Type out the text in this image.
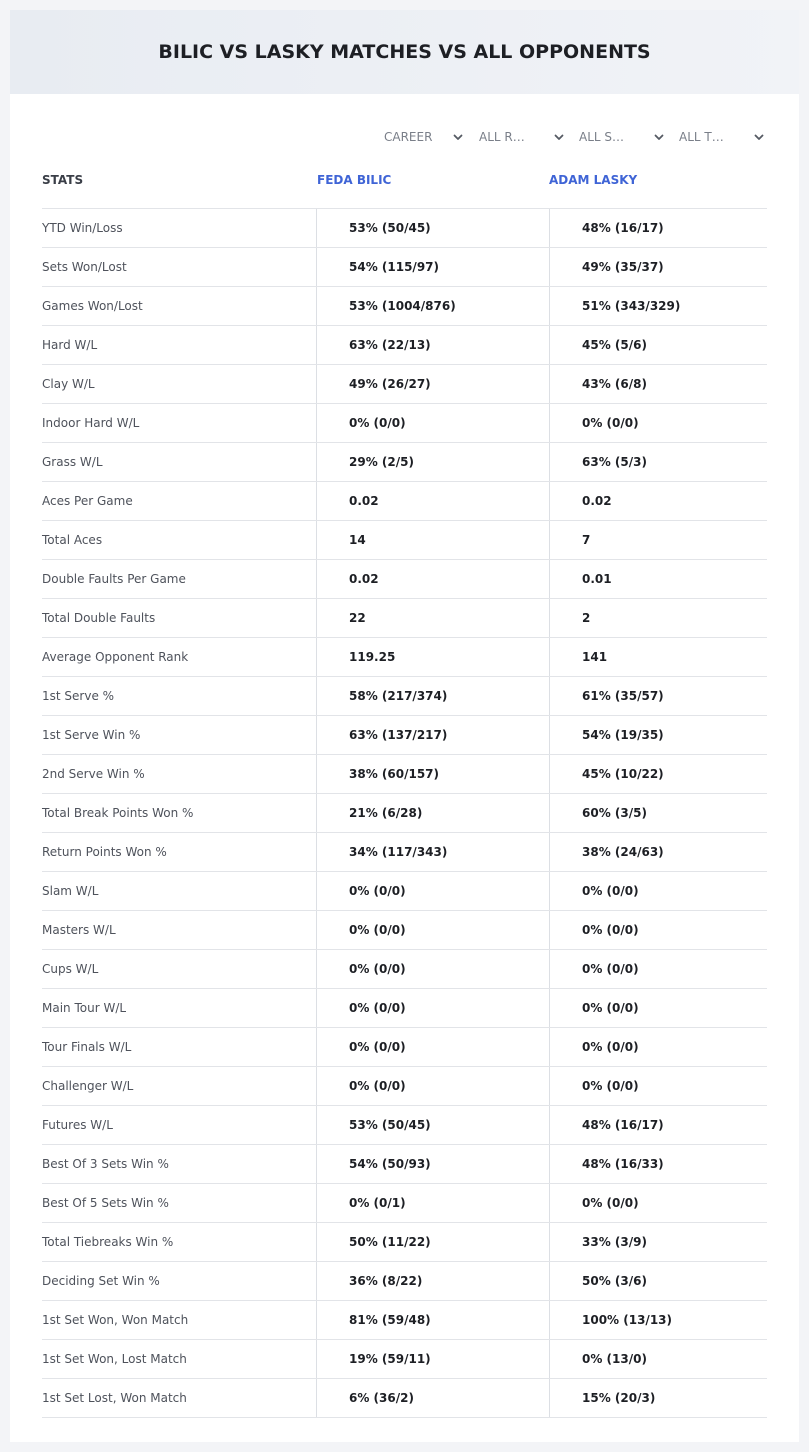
BILIC VS LASKY MATCHES VS ALL OPPONENTS
CAREER	ALL R…	ALL S…	ALL T…
STATS	FEDA BILIC	ADAM LASKY
YTD Win/Loss	53% (50/45)	48% (16/17)
Sets Won/Lost	54% (115/97)	49% (35/37)
Games Won/Lost	53% (1004/876)	51% (343/329)
Hard W/L	63% (22/13)	45% (5/6)
Clay W/L	49% (26/27)	43% (6/8)
Indoor Hard W/L	0% (0/0)	0% (0/0)
Grass W/L	29% (2/5)	63% (5/3)
Aces Per Game	0.02	0.02
Total Aces	14	7
Double Faults Per Game	0.02	0.01
Total Double Faults	22	2
Average Opponent Rank	119.25	141
1st Serve %	58% (217/374)	61% (35/57)
1st Serve Win %	63% (137/217)	54% (19/35)
2nd Serve Win %	38% (60/157)	45% (10/22)
Total Break Points Won %	21% (6/28)	60% (3/5)
Return Points Won %	34% (117/343)	38% (24/63)
Slam W/L	0% (0/0)	0% (0/0)
Masters W/L	0% (0/0)	0% (0/0)
Cups W/L	0% (0/0)	0% (0/0)
Main Tour W/L	0% (0/0)	0% (0/0)
Tour Finals W/L	0% (0/0)	0% (0/0)
Challenger W/L	0% (0/0)	0% (0/0)
Futures W/L	53% (50/45)	48% (16/17)
Best Of 3 Sets Win %	54% (50/93)	48% (16/33)
Best Of 5 Sets Win %	0% (0/1)	0% (0/0)
Total Tiebreaks Win %	50% (11/22)	33% (3/9)
Deciding Set Win %	36% (8/22)	50% (3/6)
1st Set Won, Won Match	81% (59/48)	100% (13/13)
1st Set Won, Lost Match	19% (59/11)	0% (13/0)
1st Set Lost, Won Match	6% (36/2)	15% (20/3)
